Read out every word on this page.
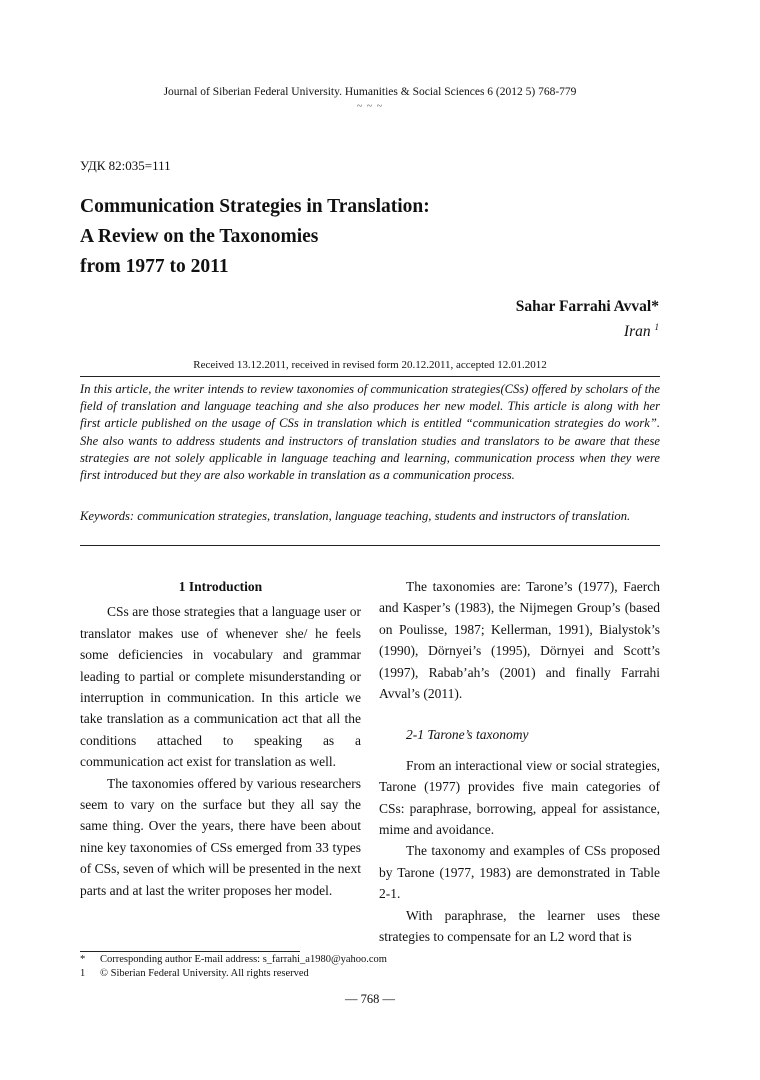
Journal of Siberian Federal University. Humanities & Social Sciences 6 (2012 5) 768-779
~ ~ ~
УДК 82:035=111
Communication Strategies in Translation:
A Review on the Taxonomies
from 1977 to 2011
Sahar Farrahi Avval*
Iran $^1$
Received 13.12.2011, received in revised form 20.12.2011, accepted 12.01.2012
In this article, the writer intends to review taxonomies of communication strategies(CSs) offered by scholars of the field of translation and language teaching and she also produces her new model. This article is along with her first article published on the usage of CSs in translation which is entitled “communication strategies do work”. She also wants to address students and instructors of translation studies and translators to be aware that these strategies are not solely applicable in language teaching and learning, communication process when they were first introduced but they are also workable in translation as a communication process.
Keywords: communication strategies, translation, language teaching, students and instructors of translation.

1 Introduction

CSs are those strategies that a language user or translator makes use of whenever she/ he feels some deficiencies in vocabulary and grammar leading to partial or complete misunderstanding or interruption in communication. In this article we take translation as a communication act that all the conditions attached to speaking as a communication act exist for translation as well.

The taxonomies offered by various researchers seem to vary on the surface but they all say the same thing. Over the years, there have been about nine key taxonomies of CSs emerged from 33 types of CSs, seven of which will be presented in the next parts and at last the writer proposes her model.

The taxonomies are: Tarone’s (1977), Faerch and Kasper’s (1983), the Nijmegen Group’s (based on Poulisse, 1987; Kellerman, 1991), Bialystok’s (1990), Dörnyei’s (1995), Dörnyei and Scott’s (1997), Rabab’ah’s (2001) and finally Farrahi Avval’s (2011).

2-1 Tarone’s taxonomy

From an interactional view or social strategies, Tarone (1977) provides five main categories of CSs: paraphrase, borrowing, appeal for assistance, mime and avoidance.

The taxonomy and examples of CSs proposed by Tarone (1977, 1983) are demonstrated in Table 2-1.

With paraphrase, the learner uses these strategies to compensate for an L2 word that is

*	Corresponding author E-mail address: s_farrahi_a1980@yahoo.com
1	© Siberian Federal University. All rights reserved
— 768 —
